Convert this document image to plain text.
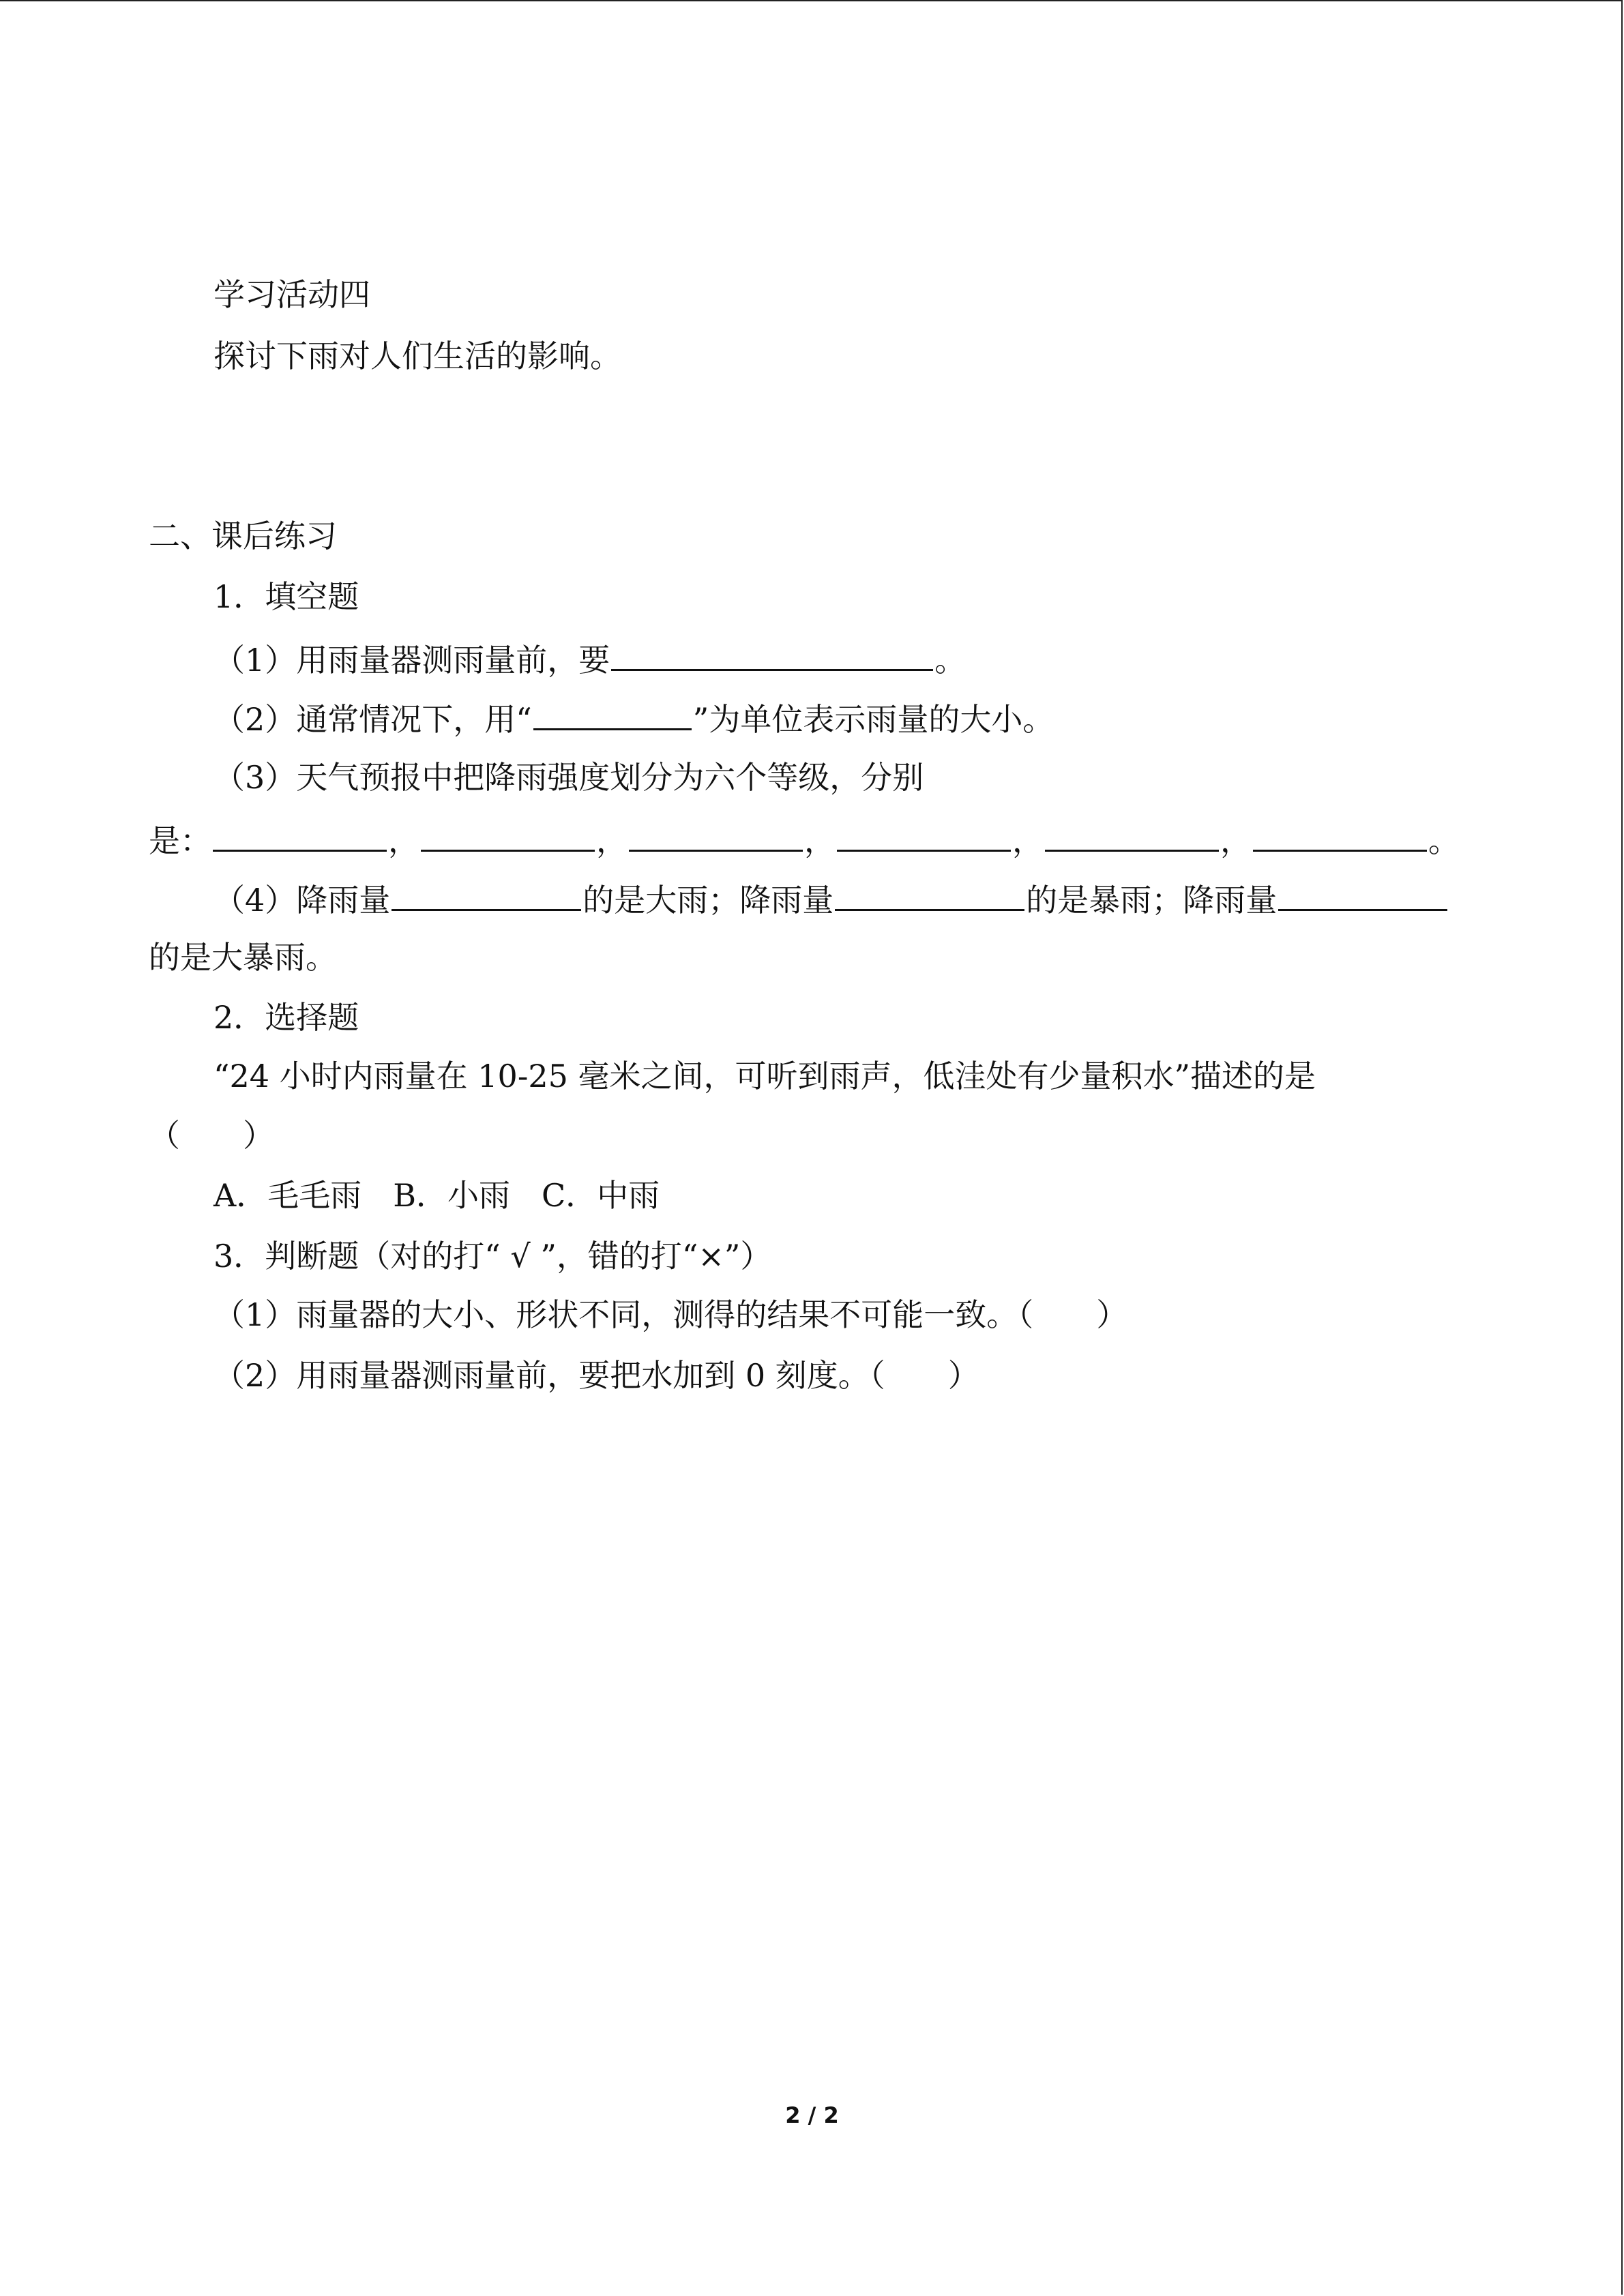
学习活动四
探讨下雨对人们生活的影响。
二、课后练习
1．填空题
（1）用雨量器测雨量前，要	。
（2）通常情况下，用“	”为单位表示雨量的大小。
（3）天气预报中把降雨强度划分为六个等级，分别
是：	，	，	，	，	，	。
（4）降雨量	的是大雨；降雨量	的是暴雨；降雨量
的是大暴雨。
2．选择题
“24 小时内雨量在 10-25 毫米之间，可听到雨声，低洼处有少量积水”描述的是
（　　）
A．毛毛雨　B．小雨　C．中雨
3．判断题（对的打“ √ ”，错的打“×”）
（1）雨量器的大小、形状不同，测得的结果不可能一致。（　　）
（2）用雨量器测雨量前，要把水加到 0 刻度。（　　）
2 / 2
